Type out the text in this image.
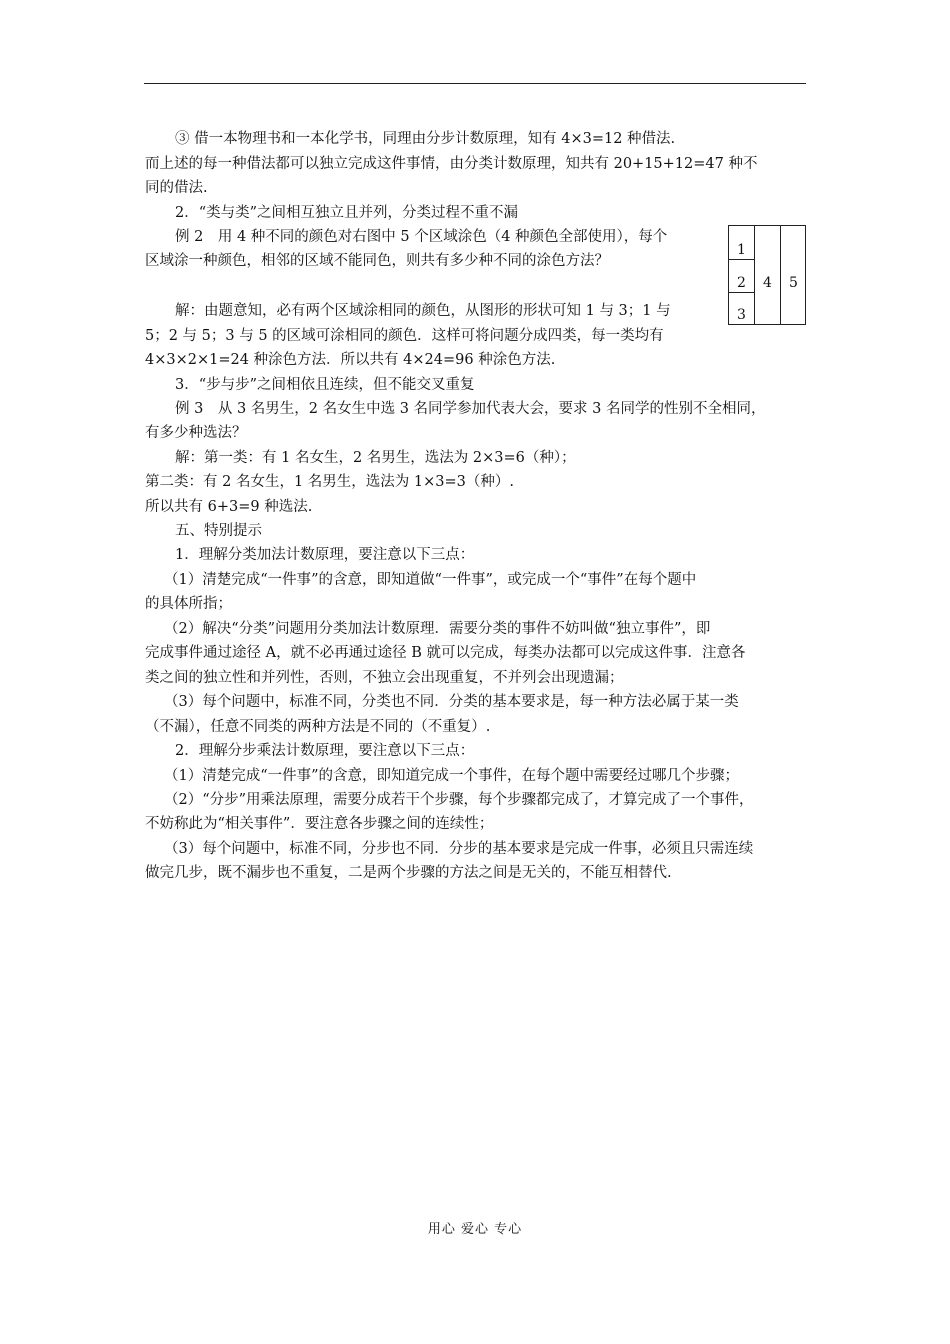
③ 借一本物理书和一本化学书，同理由分步计数原理，知有 4×3=12 种借法.
而上述的每一种借法都可以独立完成这件事情，由分类计数原理，知共有 20+15+12=47 种不
同的借法.
2．“类与类”之间相互独立且并列，分类过程不重不漏
例 2　用 4 种不同的颜色对右图中 5 个区域涂色（4 种颜色全部使用），每个
区域涂一种颜色，相邻的区域不能同色，则共有多少种不同的涂色方法？
解：由题意知，必有两个区域涂相同的颜色，从图形的形状可知 1 与 3；1 与
5；2 与 5；3 与 5 的区域可涂相同的颜色．这样可将问题分成四类，每一类均有
4×3×2×1=24 种涂色方法．所以共有 4×24=96 种涂色方法.
3．“步与步”之间相依且连续，但不能交叉重复
例 3　从 3 名男生，2 名女生中选 3 名同学参加代表大会，要求 3 名同学的性别不全相同，
有多少种选法？
解：第一类：有 1 名女生，2 名男生，选法为 2×3=6（种）；
第二类：有 2 名女生，1 名男生，选法为 1×3=3（种）.
所以共有 6+3=9 种选法.
五、特别提示
1．理解分类加法计数原理，要注意以下三点：
（1）清楚完成“一件事”的含意，即知道做“一件事”，或完成一个“事件”在每个题中
的具体所指；
（2）解决“分类”问题用分类加法计数原理．需要分类的事件不妨叫做“独立事件”，即
完成事件通过途径 A，就不必再通过途径 B 就可以完成，每类办法都可以完成这件事．注意各
类之间的独立性和并列性，否则，不独立会出现重复，不并列会出现遗漏；
（3）每个问题中，标准不同，分类也不同．分类的基本要求是，每一种方法必属于某一类
（不漏），任意不同类的两种方法是不同的（不重复）.
2．理解分步乘法计数原理，要注意以下三点：
（1）清楚完成“一件事”的含意，即知道完成一个事件，在每个题中需要经过哪几个步骤；
（2）“分步”用乘法原理，需要分成若干个步骤，每个步骤都完成了，才算完成了一个事件，
不妨称此为“相关事件”．要注意各步骤之间的连续性；
（3）每个问题中，标准不同，分步也不同．分步的基本要求是完成一件事，必须且只需连续
做完几步，既不漏步也不重复，二是两个步骤的方法之间是无关的，不能互相替代.
1
2
3
4 5
用心 爱心 专心
